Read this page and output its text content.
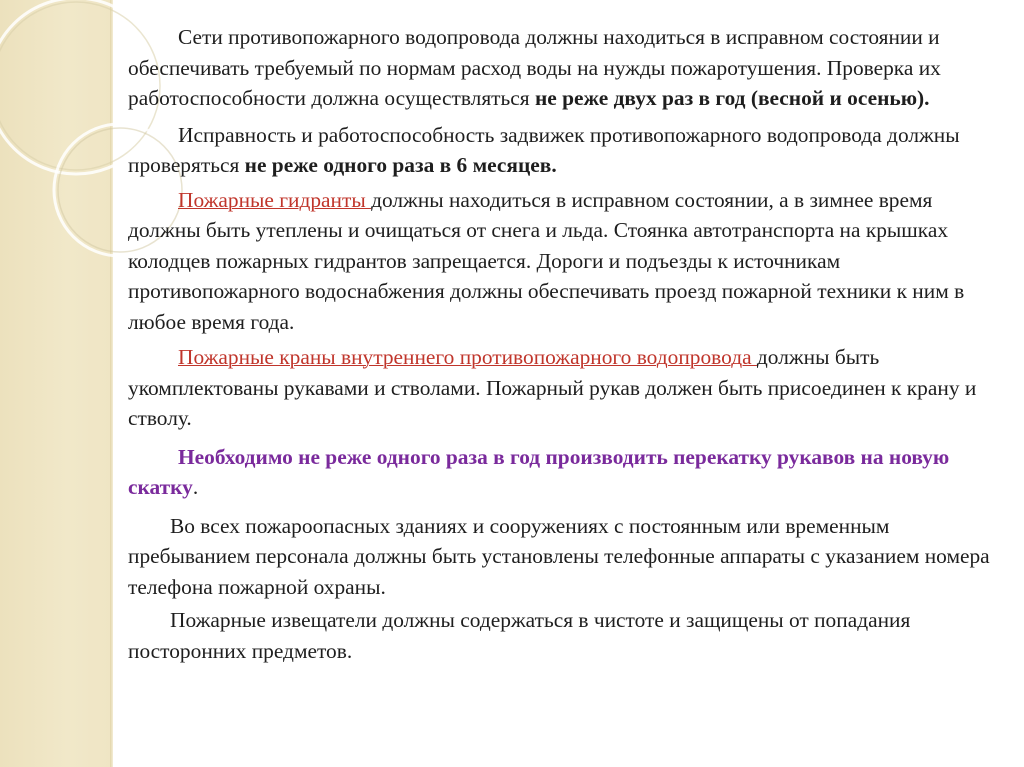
Сети противопожарного водопровода должны находиться в исправном состоянии и обеспечивать требуемый по нормам расход воды на нужды пожаротушения. Проверка их работоспособности должна осуществляться не реже двух раз в год (весной и осенью).

Исправность и работоспособность задвижек противопожарного водопровода должны проверяться не реже одного раза в 6 месяцев.

Пожарные гидранты должны находиться в исправном состоянии, а в зимнее время должны быть утеплены и очищаться от снега и льда. Стоянка автотранспорта на крышках колодцев пожарных гидрантов запрещается. Дороги и подъезды к источникам противопожарного водоснабжения должны обеспечивать проезд пожарной техники к ним в любое время года.

Пожарные краны внутреннего противопожарного водопровода должны быть укомплектованы рукавами и стволами. Пожарный рукав должен быть присоединен к крану и стволу.

Необходимо не реже одного раза в год производить перекатку рукавов на новую скатку.

Во всех пожароопасных зданиях и сооружениях с постоянным или временным пребыванием персонала должны быть установлены телефонные аппараты с указанием номера телефона пожарной охраны.

Пожарные извещатели должны содержаться в чистоте и защищены от попадания посторонних предметов.
